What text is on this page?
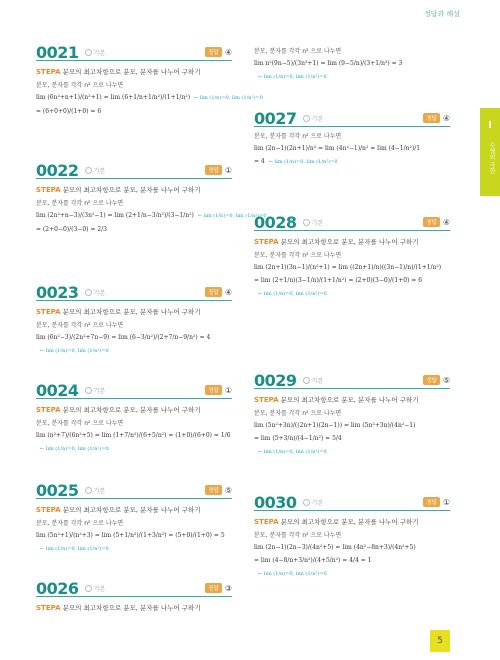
정답과 해설
I
수열의 극한
5
0021	기본	정답 ④
STEPA 분모의 최고차항으로 분모, 분자를 나누어 구하기
분모, 분자를 각각 n² 으로 나누면
lim (6n²+n+1)/(n²+1) = lim (6+1/n+1/n²)/(1+1/n²) ← lim (1/n)=0, lim (1/n²)=0
= (6+0+0)/(1+0) = 6
0022	기본	정답 ①
STEPA 분모의 최고차항으로 분모, 분자를 나누어 구하기
분모, 분자를 각각 n² 으로 나누면
lim (2n²+n−3)/(3n²−1) = lim (2+1/n−3/n²)/(3−1/n²) ← lim (1/n)=0, lim (1/n²)=0
= (2+0−0)/(3−0) = 2/3
0023	기본	정답 ④
STEPA 분모의 최고차항으로 분모, 분자를 나누어 구하기
분모, 분자를 각각 n² 으로 나누면
lim (6n²−3)/(2n²+7n−9) = lim (6−3/n²)/(2+7/n−9/n²) = 4
← lim (1/n)=0, lim (1/n²)=0
0024	기본	정답 ①
STEPA 분모의 최고차항으로 분모, 분자를 나누어 구하기
분모, 분자를 각각 n² 으로 나누면
lim (n²+7)/(6n²+5) = lim (1+7/n²)/(6+5/n²) = (1+0)/(6+0) = 1/6
← lim (1/n)=0, lim (1/n²)=0
0025	기본	정답 ⑤
STEPA 분모의 최고차항으로 분모, 분자를 나누어 구하기
분모, 분자를 각각 n² 으로 나누면
lim (5n²+1)/(n²+3) = lim (5+1/n²)/(1+3/n²) = (5+0)/(1+0) = 5
← lim (1/n)=0, lim (1/n²)=0
0026	기본	정답 ③
STEPA 분모의 최고차항으로 분모, 분자를 나누어 구하기
분모, 분자를 각각 n² 으로 나누면
lim n²(9n−5)/(3n³+1) = lim (9−5/n)/(3+1/n³) = 3
← lim (1/n)=0, lim (1/n²)=0
0027	기본	정답 ④
분모, 분자를 각각 n² 으로 나누면
lim (2n−1)(2n+1)/n² = lim (4n²−1)/n² = lim (4−1/n²)/1
= 4 ← lim (1/n)=0, lim (1/n²)=0
0028	기본	정답 ④
STEPA 분모의 최고차항으로 분모, 분자를 나누어 구하기
분모, 분자를 각각 n² 으로 나누면
lim (2n+1)(3n−1)/(n²+1) = lim ((2n+1)/n)((3n−1)/n)/(1+1/n²)
= lim (2+1/n)(3−1/n)/(1+1/n²) = (2+0)(3−0)/(1+0) = 6
← lim (1/n)=0, lim (1/n²)=0
0029	기본	정답 ⑤
STEPA 분모의 최고차항으로 분모, 분자를 나누어 구하기
분모, 분자를 각각 n² 으로 나누면
lim (5n²+3n)/((2n+1)(2n−1)) = lim (5n²+3n)/(4n²−1)
= lim (5+3/n)/(4−1/n²) = 5/4
← lim (1/n)=0, lim (1/n²)=0
0030	기본	정답 ①
STEPA 분모의 최고차항으로 분모, 분자를 나누어 구하기
분모, 분자를 각각 n² 으로 나누면
lim (2n−1)(2n−3)/(4n²+5) = lim (4n²−8n+3)/(4n²+5)
= lim (4−8/n+3/n²)/(4+5/n²) = 4/4 = 1
← lim (1/n)=0, lim (1/n²)=0
